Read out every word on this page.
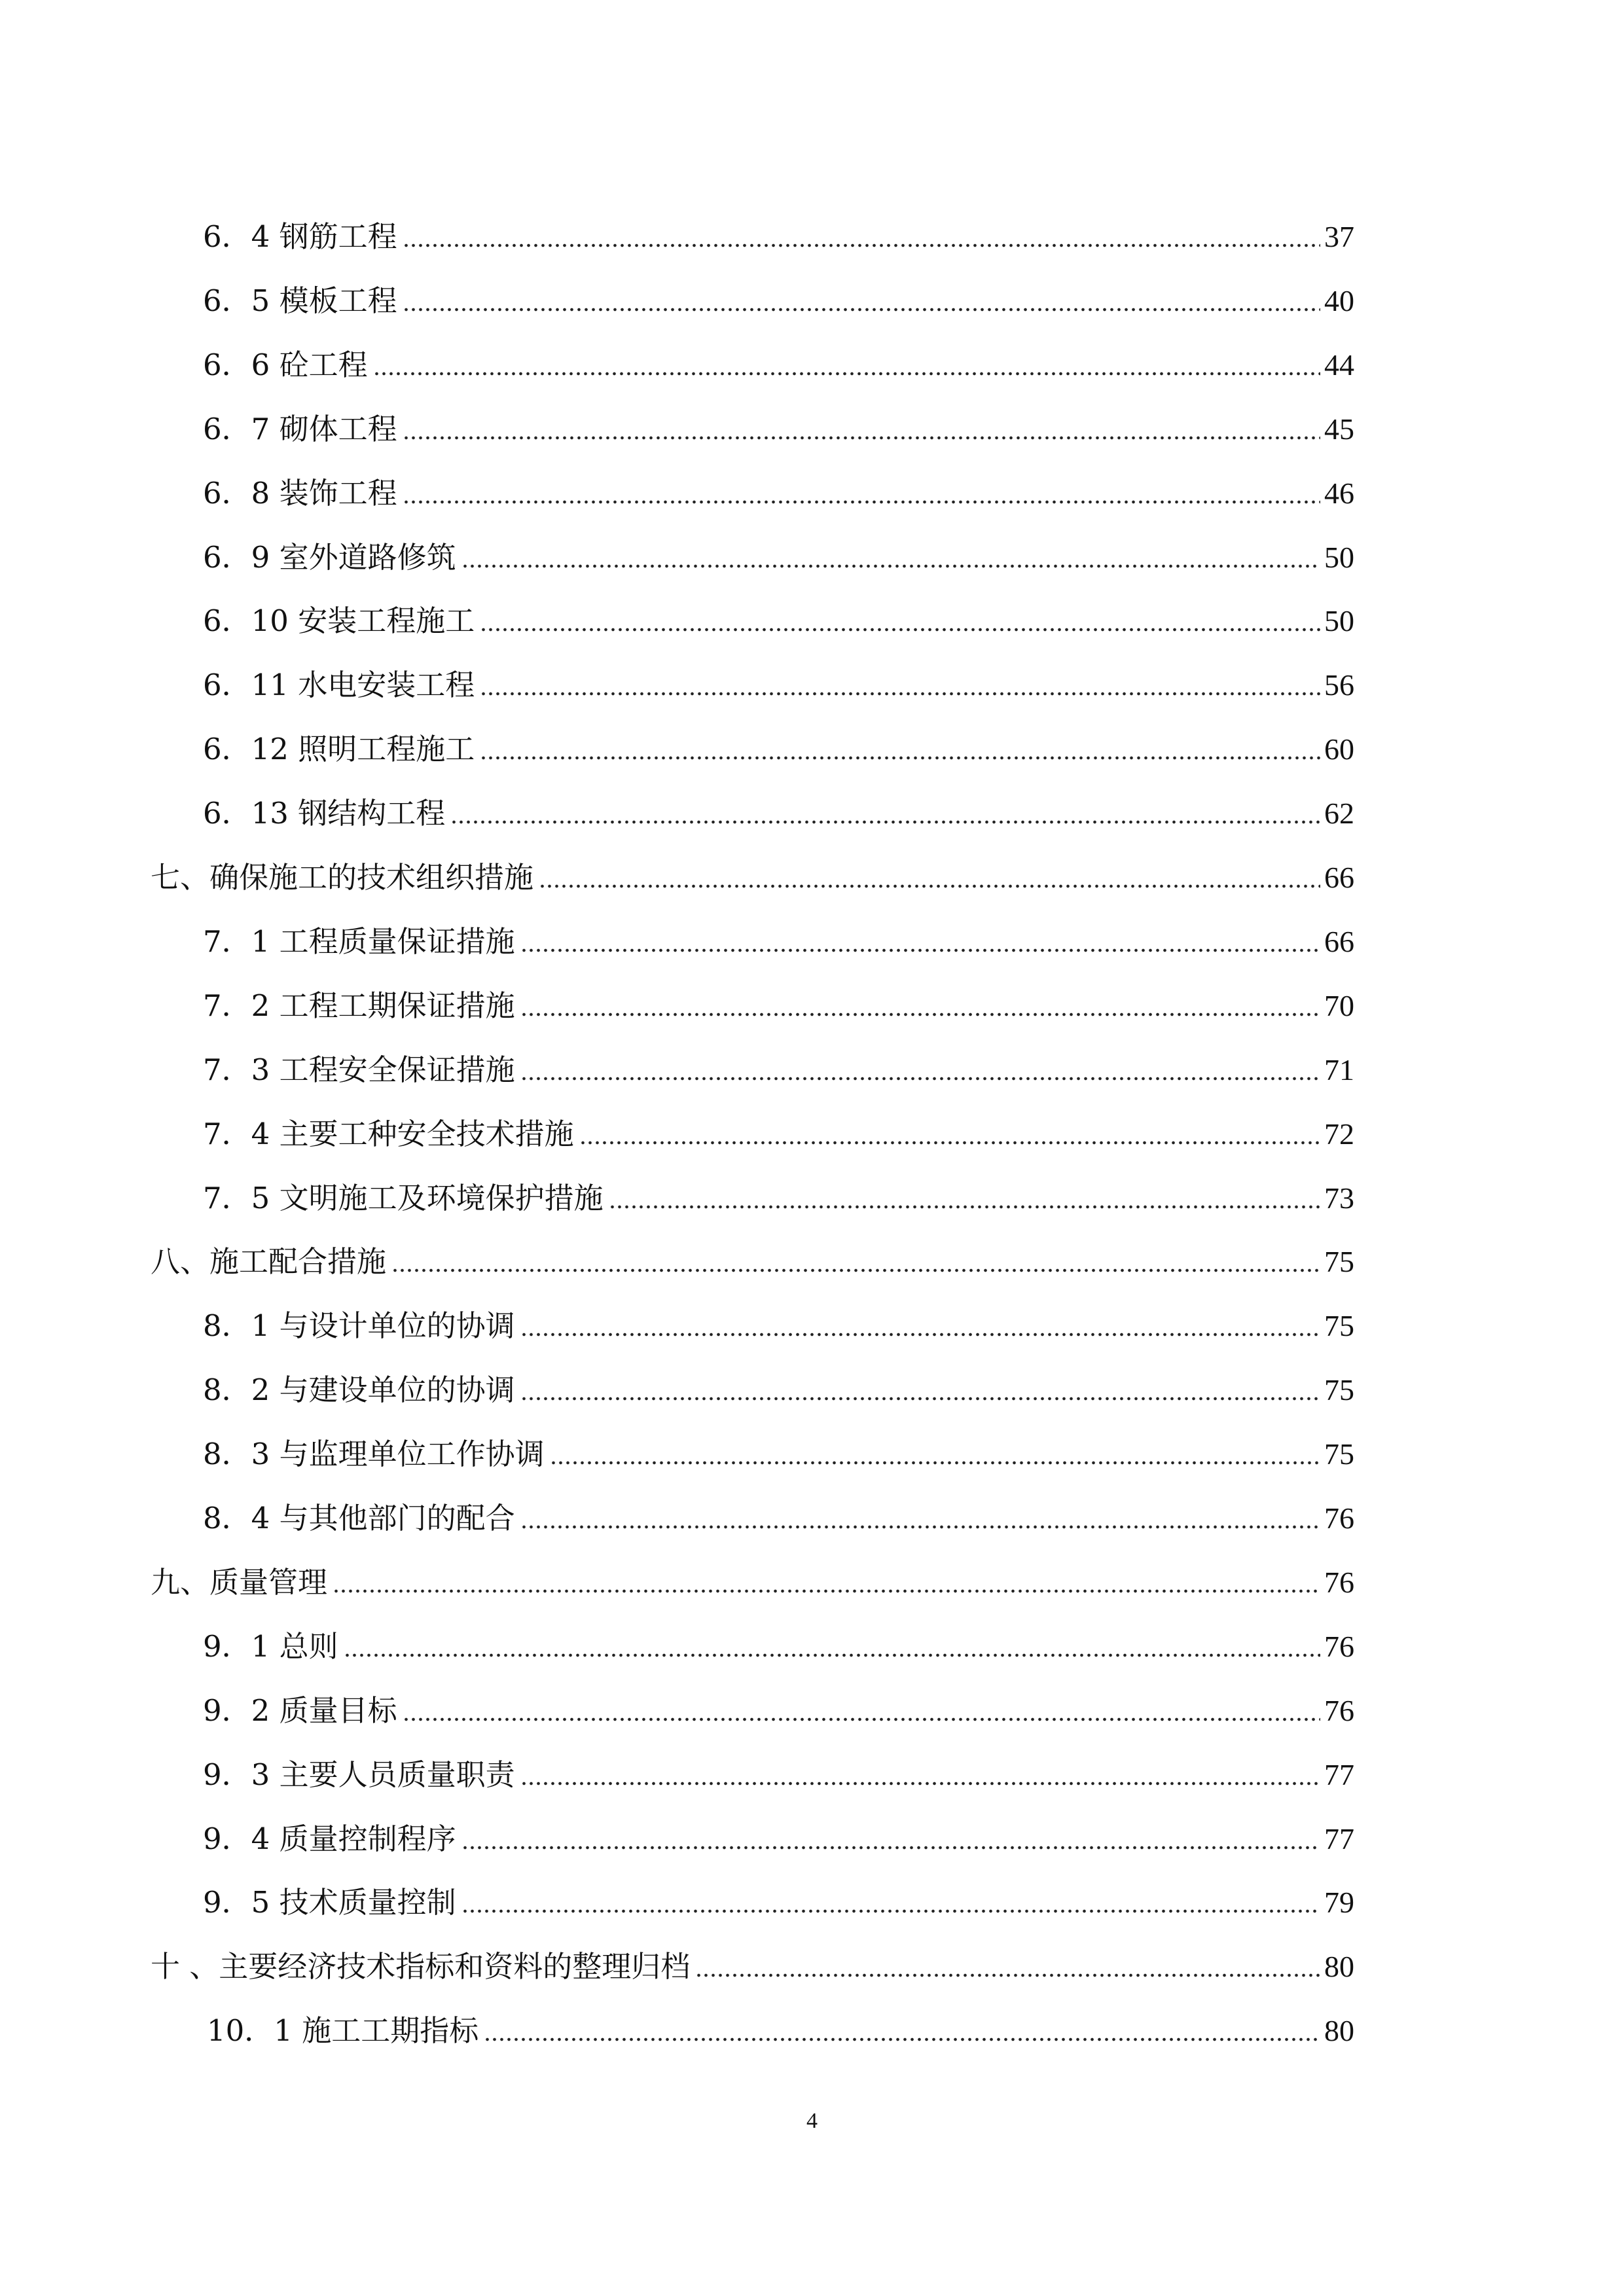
6．4 钢筋工程	37
6．5 模板工程	40
6．6 砼工程	44
6．7 砌体工程	45
6．8 装饰工程	46
6．9 室外道路修筑	50
6．10 安装工程施工	50
6．11 水电安装工程	56
6．12 照明工程施工	60
6．13 钢结构工程	62
七、确保施工的技术组织措施	66
7．1 工程质量保证措施	66
7．2 工程工期保证措施	70
7．3 工程安全保证措施	71
7．4 主要工种安全技术措施	72
7．5 文明施工及环境保护措施	73
八、施工配合措施	75
8．1 与设计单位的协调	75
8．2 与建设单位的协调	75
8．3 与监理单位工作协调	75
8．4 与其他部门的配合	76
九、质量管理	76
9．1 总则	76
9．2 质量目标	76
9．3 主要人员质量职责	77
9．4 质量控制程序	77
9．5 技术质量控制	79
十 、主要经济技术指标和资料的整理归档	80
10．1 施工工期指标	80
4
